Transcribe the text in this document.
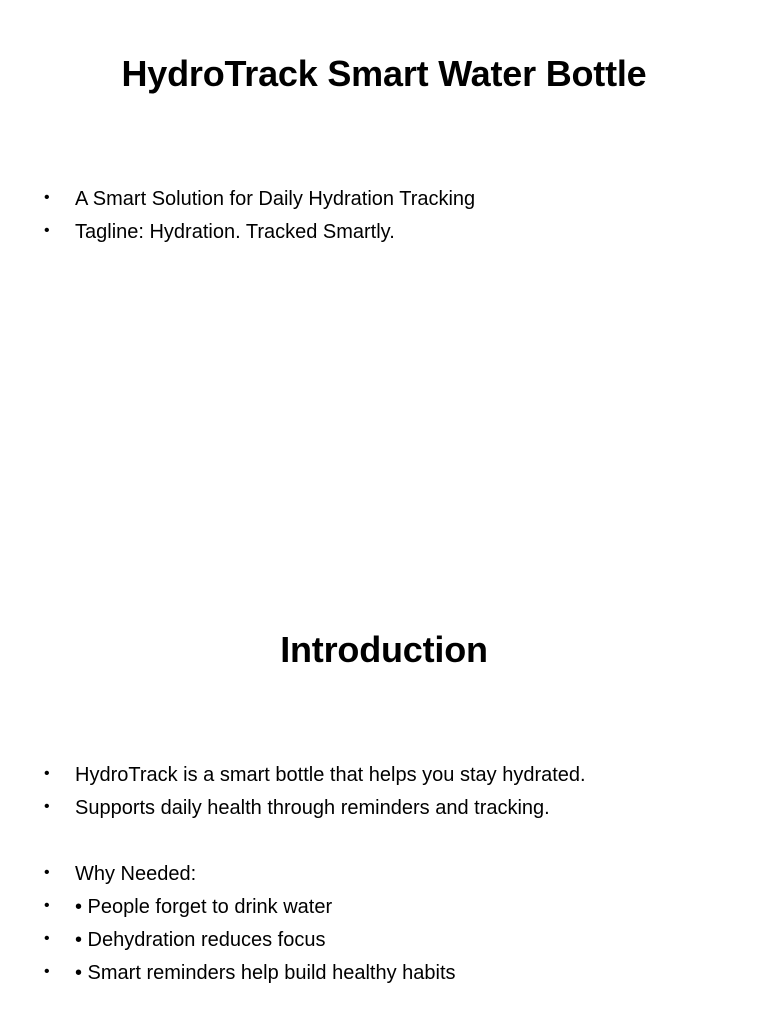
HydroTrack Smart Water Bottle
• A Smart Solution for Daily Hydration Tracking
• Tagline: Hydration. Tracked Smartly.
Introduction
• HydroTrack is a smart bottle that helps you stay hydrated.
• Supports daily health through reminders and tracking.
• Why Needed:
• • People forget to drink water
• • Dehydration reduces focus
• • Smart reminders help build healthy habits
